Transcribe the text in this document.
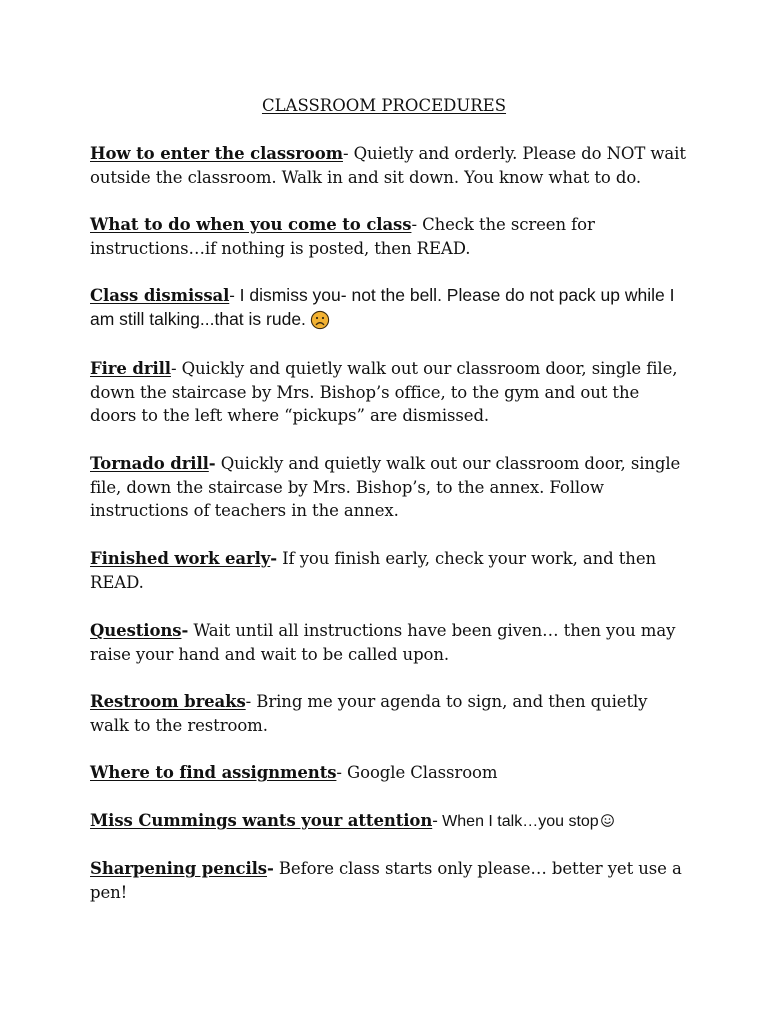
CLASSROOM PROCEDURES
How to enter the classroom- Quietly and orderly. Please do NOT wait outside the classroom. Walk in and sit down. You know what to do.
What to do when you come to class- Check the screen for instructions…if nothing is posted, then READ.
Class dismissal- I dismiss you- not the bell. Please do not pack up while I am still talking...that is rude.
Fire drill- Quickly and quietly walk out our classroom door, single file, down the staircase by Mrs. Bishop’s office, to the gym and out the doors to the left where “pickups” are dismissed.
Tornado drill- Quickly and quietly walk out our classroom door, single file, down the staircase by Mrs. Bishop’s, to the annex. Follow instructions of teachers in the annex.
Finished work early- If you finish early, check your work, and then READ.
Questions- Wait until all instructions have been given… then you may raise your hand and wait to be called upon.
Restroom breaks- Bring me your agenda to sign, and then quietly walk to the restroom.
Where to find assignments- Google Classroom
Miss Cummings wants your attention- When I talk…you stop
Sharpening pencils- Before class starts only please… better yet use a pen!
